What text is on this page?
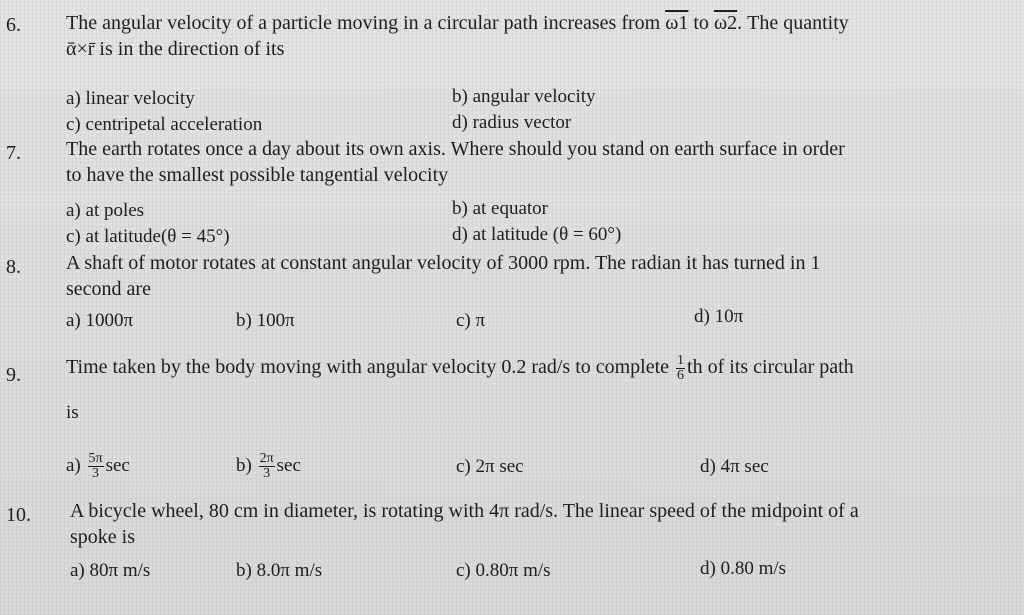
6. The angular velocity of a particle moving in a circular path increases from ω1 to ω2. The quantity
ᾱ×r̄ is in the direction of its
a) linear velocity	b) angular velocity
c) centripetal acceleration	d) radius vector
7. The earth rotates once a day about its own axis. Where should you stand on earth surface in order
to have the smallest possible tangential velocity
a) at poles	b) at equator
c) at latitude(θ = 45°)	d) at latitude (θ = 60°)
8. A shaft of motor rotates at constant angular velocity of 3000 rpm. The radian it has turned in 1
second are
a) 1000π	b) 100π	c) π	d) 10π
9. Time taken by the body moving with angular velocity 0.2 rad/s to complete $\frac{1}{6}$ th of its circular path
is
$a) \frac{5\pi}{3}$ sec	$b) \frac{2\pi}{3}$ sec	c) 2π sec	d) 4π sec
10. A bicycle wheel, 80 cm in diameter, is rotating with 4π rad/s. The linear speed of the midpoint of a
spoke is
a) 80π m/s	b) 8.0π m/s	c) 0.80π m/s	d) 0.80 m/s
